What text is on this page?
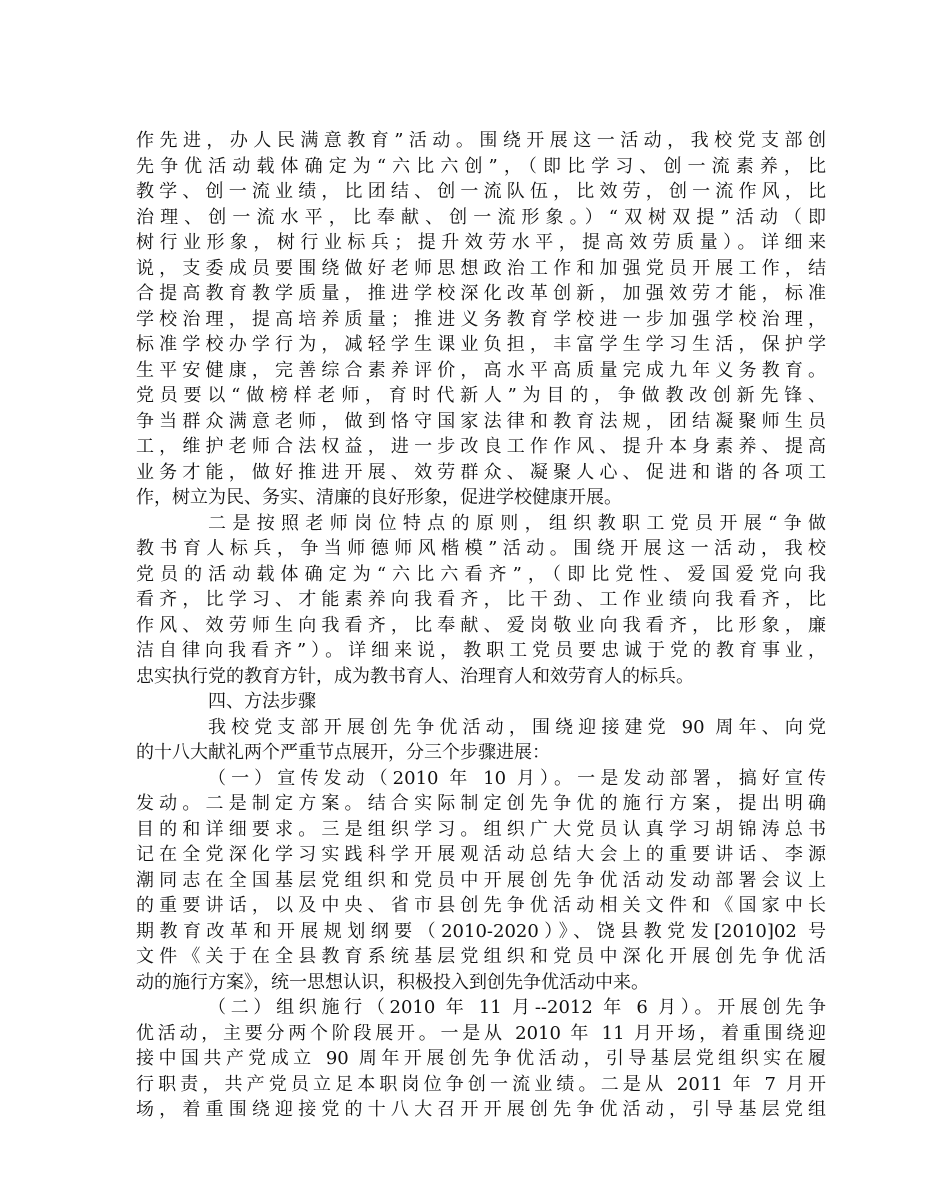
作先进，办人民满意教育”活动。围绕开展这一活动，我校党支部创
先争优活动载体确定为“六比六创”，（即比学习、创一流素养，比
教学、创一流业绩，比团结、创一流队伍，比效劳，创一流作风，比
治理、创一流水平，比奉献、创一流形象。）“双树双提”活动（即
树行业形象，树行业标兵；提升效劳水平，提高效劳质量）。详细来
说，支委成员要围绕做好老师思想政治工作和加强党员开展工作，结
合提高教育教学质量，推进学校深化改革创新，加强效劳才能，标准
学校治理，提高培养质量；推进义务教育学校进一步加强学校治理，
标准学校办学行为，减轻学生课业负担，丰富学生学习生活，保护学
生平安健康，完善综合素养评价，高水平高质量完成九年义务教育。
党员要以“做榜样老师，育时代新人”为目的，争做教改创新先锋、
争当群众满意老师，做到恪守国家法律和教育法规，团结凝聚师生员
工，维护老师合法权益，进一步改良工作作风、提升本身素养、提高
业务才能，做好推进开展、效劳群众、凝聚人心、促进和谐的各项工
作，树立为民、务实、清廉的良好形象，促进学校健康开展。
二是按照老师岗位特点的原则，组织教职工党员开展“争做
教书育人标兵，争当师德师风楷模”活动。围绕开展这一活动，我校
党员的活动载体确定为“六比六看齐”，（即比党性、爱国爱党向我
看齐，比学习、才能素养向我看齐，比干劲、工作业绩向我看齐，比
作风、效劳师生向我看齐，比奉献、爱岗敬业向我看齐，比形象，廉
洁自律向我看齐”）。详细来说，教职工党员要忠诚于党的教育事业，
忠实执行党的教育方针，成为教书育人、治理育人和效劳育人的标兵。
四、方法步骤
我校党支部开展创先争优活动，围绕迎接建党 90 周年、向党
的十八大献礼两个严重节点展开，分三个步骤进展：
（一）宣传发动（2010 年 10 月）。一是发动部署，搞好宣传
发动。二是制定方案。结合实际制定创先争优的施行方案，提出明确
目的和详细要求。三是组织学习。组织广大党员认真学习胡锦涛总书
记在全党深化学习实践科学开展观活动总结大会上的重要讲话、李源
潮同志在全国基层党组织和党员中开展创先争优活动发动部署会议上
的重要讲话，以及中央、省市县创先争优活动相关文件和《国家中长
期教育改革和开展规划纲要（2010-2020）》、饶县教党发[2010]02 号
文件《关于在全县教育系统基层党组织和党员中深化开展创先争优活
动的施行方案》，统一思想认识，积极投入到创先争优活动中来。
（二）组织施行（2010 年 11 月--2012 年 6 月）。开展创先争
优活动，主要分两个阶段展开。一是从 2010 年 11 月开场，着重围绕迎
接中国共产党成立 90 周年开展创先争优活动，引导基层党组织实在履
行职责，共产党员立足本职岗位争创一流业绩。二是从 2011 年 7 月开
场，着重围绕迎接党的十八大召开开展创先争优活动，引导基层党组
